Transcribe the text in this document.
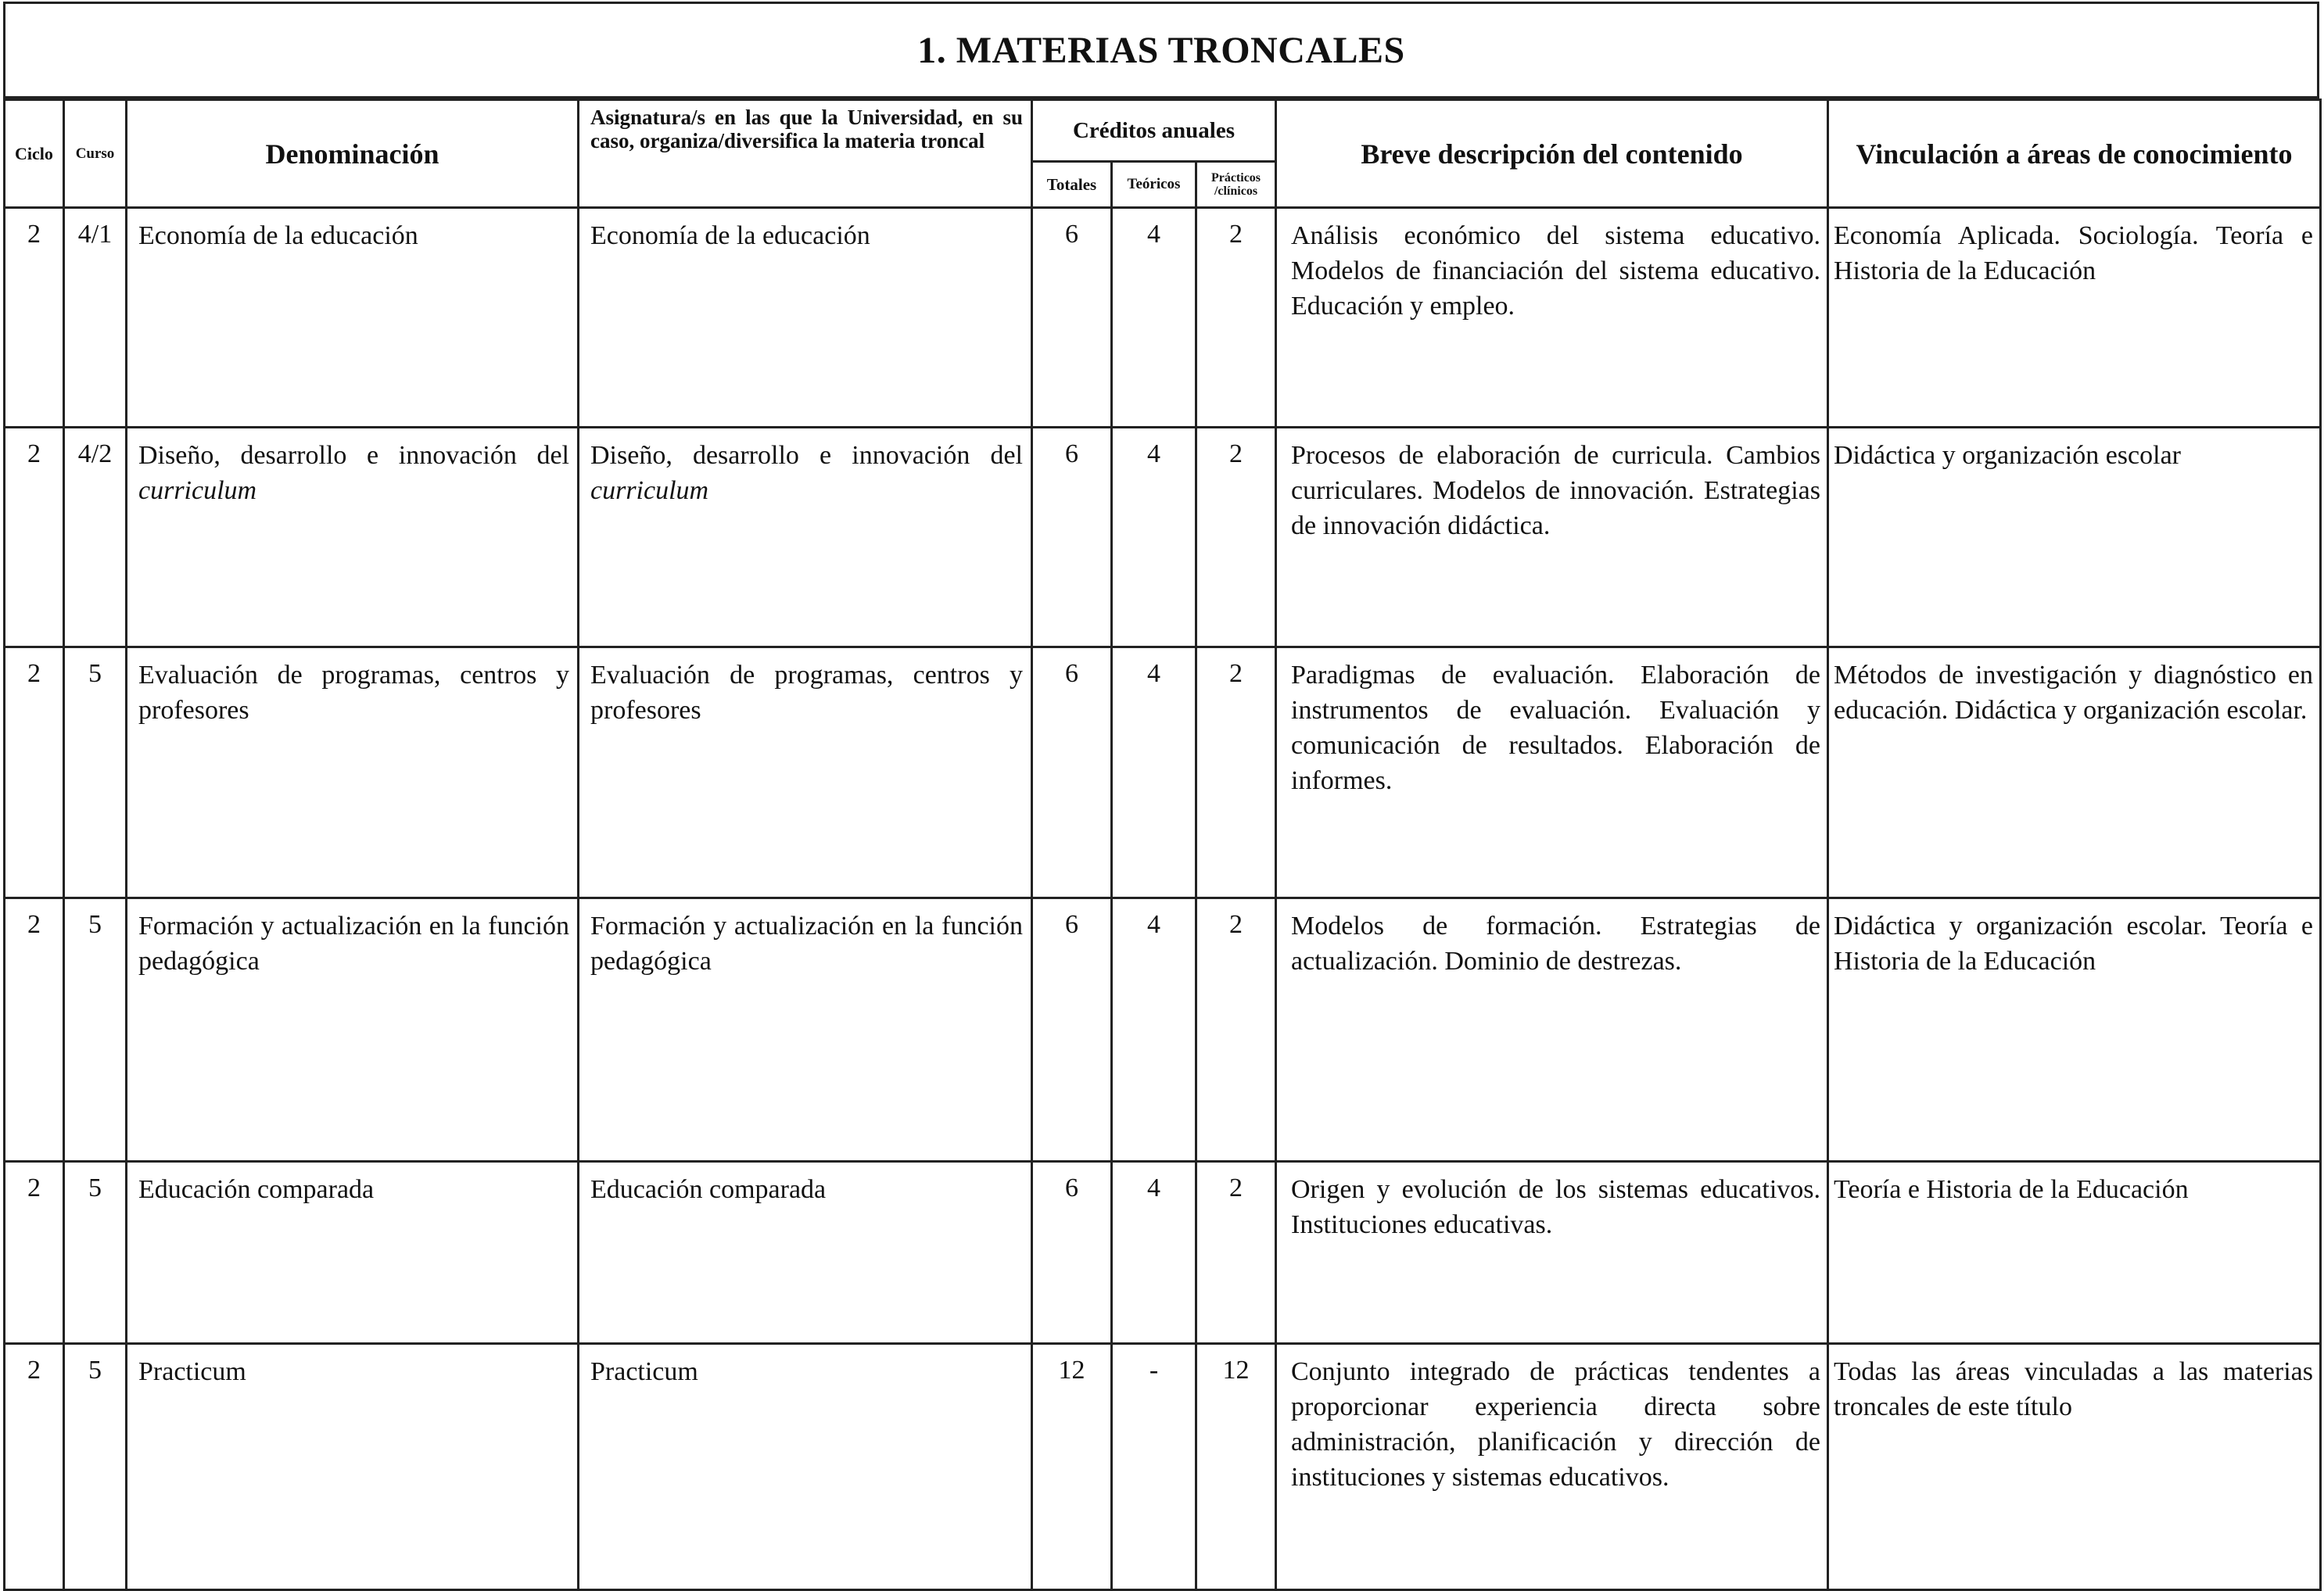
1. MATERIAS TRONCALES
Ciclo	Curso	Denominación	Asignatura/s en las que la Universidad, en su caso, organiza/diversifica la materia troncal	Créditos anuales			Breve descripción del contenido	Vinculación a áreas de conocimiento
				Totales	Teóricos	Prácticos /clínicos		
2	4/1	Economía de la educación	Economía de la educación	6	4	2	Análisis económico del sistema educativo. Modelos de financiación del sistema educativo. Educación y empleo.	Economía Aplicada. Sociología. Teoría e Historia de la Educación
2	4/2	Diseño, desarrollo e innovación del curriculum	Diseño, desarrollo e innovación del curriculum	6	4	2	Procesos de elaboración de curricula. Cambios curriculares. Modelos de innovación. Estrategias de innovación didáctica.	Didáctica y organización escolar
2	5	Evaluación de programas, centros y profesores	Evaluación de programas, centros y profesores	6	4	2	Paradigmas de evaluación. Elaboración de instrumentos de evaluación. Evaluación y comunicación de resultados. Elaboración de informes.	Métodos de investigación y diagnóstico en educación. Didáctica y organización escolar.
2	5	Formación y actualización en la función pedagógica	Formación y actualización en la función pedagógica	6	4	2	Modelos de formación. Estrategias de actualización. Dominio de destrezas.	Didáctica y organización escolar. Teoría e Historia de la Educación
2	5	Educación comparada	Educación comparada	6	4	2	Origen y evolución de los sistemas educativos. Instituciones educativas.	Teoría e Historia de la Educación
2	5	Practicum	Practicum	12	-	12	Conjunto integrado de prácticas tendentes a proporcionar experiencia directa sobre administración, planificación y dirección de instituciones y sistemas educativos.	Todas las áreas vinculadas a las materias troncales de este título
